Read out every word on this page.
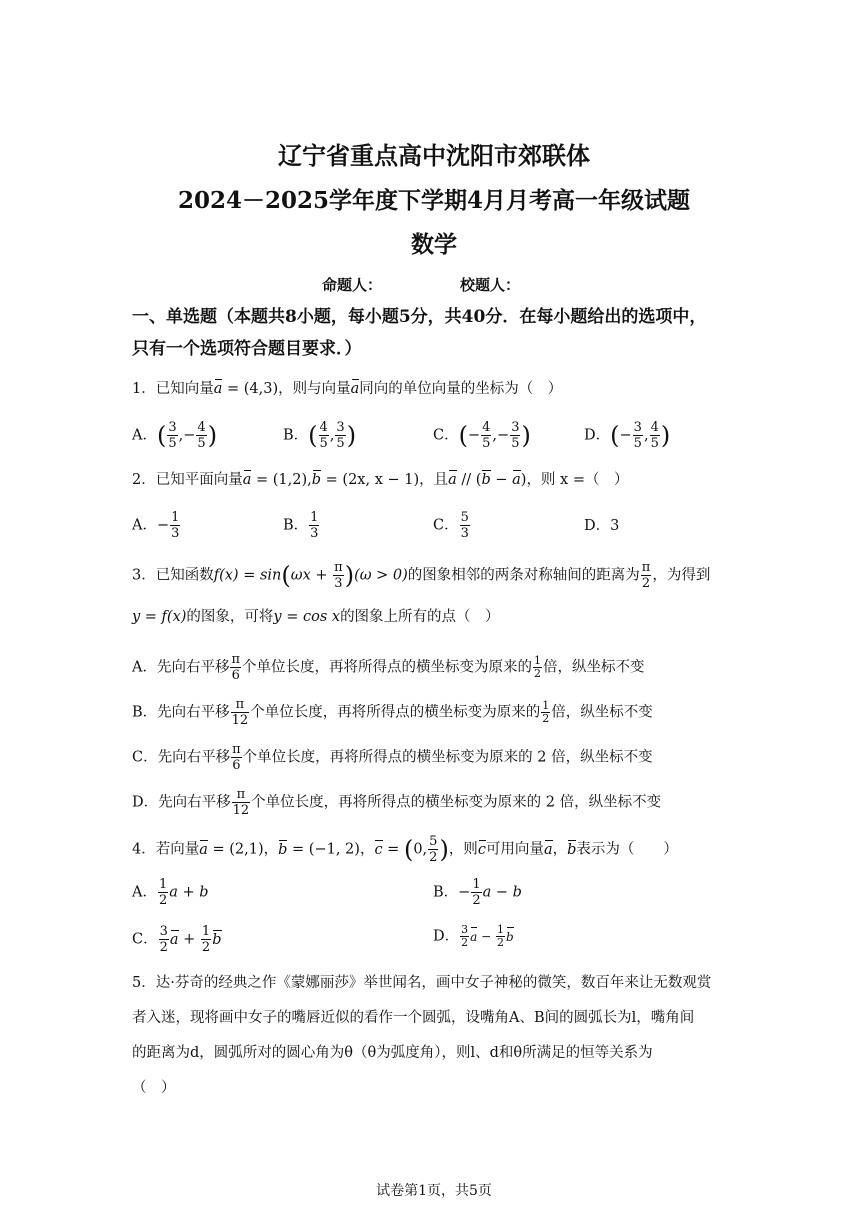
辽宁省重点高中沈阳市郊联体
2024－2025学年度下学期4月月考高一年级试题
数学
命题人：	校题人：
一、单选题（本题共8小题，每小题5分，共40分．在每小题给出的选项中，
只有一个选项符合题目要求．）
1．已知向量a = (4,3)，则与向量a同向的单位向量的坐标为（　）
A．( $\frac{3}{5}$ ,− $\frac{4}{5}$ )	B．( $\frac{4}{5}$ , $\frac{3}{5}$ )	C．(− $\frac{4}{5}$ ,− $\frac{3}{5}$ )	D．(− $\frac{3}{5}$ , $\frac{4}{5}$ )
2．已知平面向量a = (1,2),b = (2x, x − 1)，且a // (b − a)，则 x =（　）
A．− $\frac{1}{3}$	B． $\frac{1}{3}$	C． $\frac{5}{3}$	D．3
3．已知函数$f(x) = \sin(\omega x + \frac{\pi}{3} )(\omega > 0)$的图象相邻的两条对称轴间的距离为 $\frac{\pi}{2}$ ，为得到
y = f(x)的图象，可将y = cos x的图象上所有的点（　）
A．先向右平移 $\frac{\pi}{6}$ 个单位长度，再将所得点的横坐标变为原来的 $\frac{1}{2}$ 倍，纵坐标不变
B．先向右平移 $\frac{\pi}{12}$ 个单位长度，再将所得点的横坐标变为原来的 $\frac{1}{2}$ 倍，纵坐标不变
C．先向右平移 $\frac{\pi}{6}$ 个单位长度，再将所得点的横坐标变为原来的 2 倍，纵坐标不变
D．先向右平移 $\frac{\pi}{12}$ 个单位长度，再将所得点的横坐标变为原来的 2 倍，纵坐标不变
4．若向量a = (2,1)，b = (−1, 2)，c = (0, $\frac{5}{2}$ )，则c可用向量a，b表示为（　　）
A． $\frac{1}{2}$ a + b	B．− $\frac{1}{2}$ a − b
C． $\frac{3}{2}$ $a + \frac{1}{2}$ b	D． $\frac{3}{2}$ $a - \frac{1}{2}$ b
5．达·芬奇的经典之作《蒙娜丽莎》举世闻名，画中女子神秘的微笑，数百年来让无数观赏
者入迷，现将画中女子的嘴唇近似的看作一个圆弧，设嘴角A、B间的圆弧长为l，嘴角间
的距离为d，圆弧所对的圆心角为θ（θ为弧度角），则l、d和θ所满足的恒等关系为
（　）
试卷第1页，共5页
